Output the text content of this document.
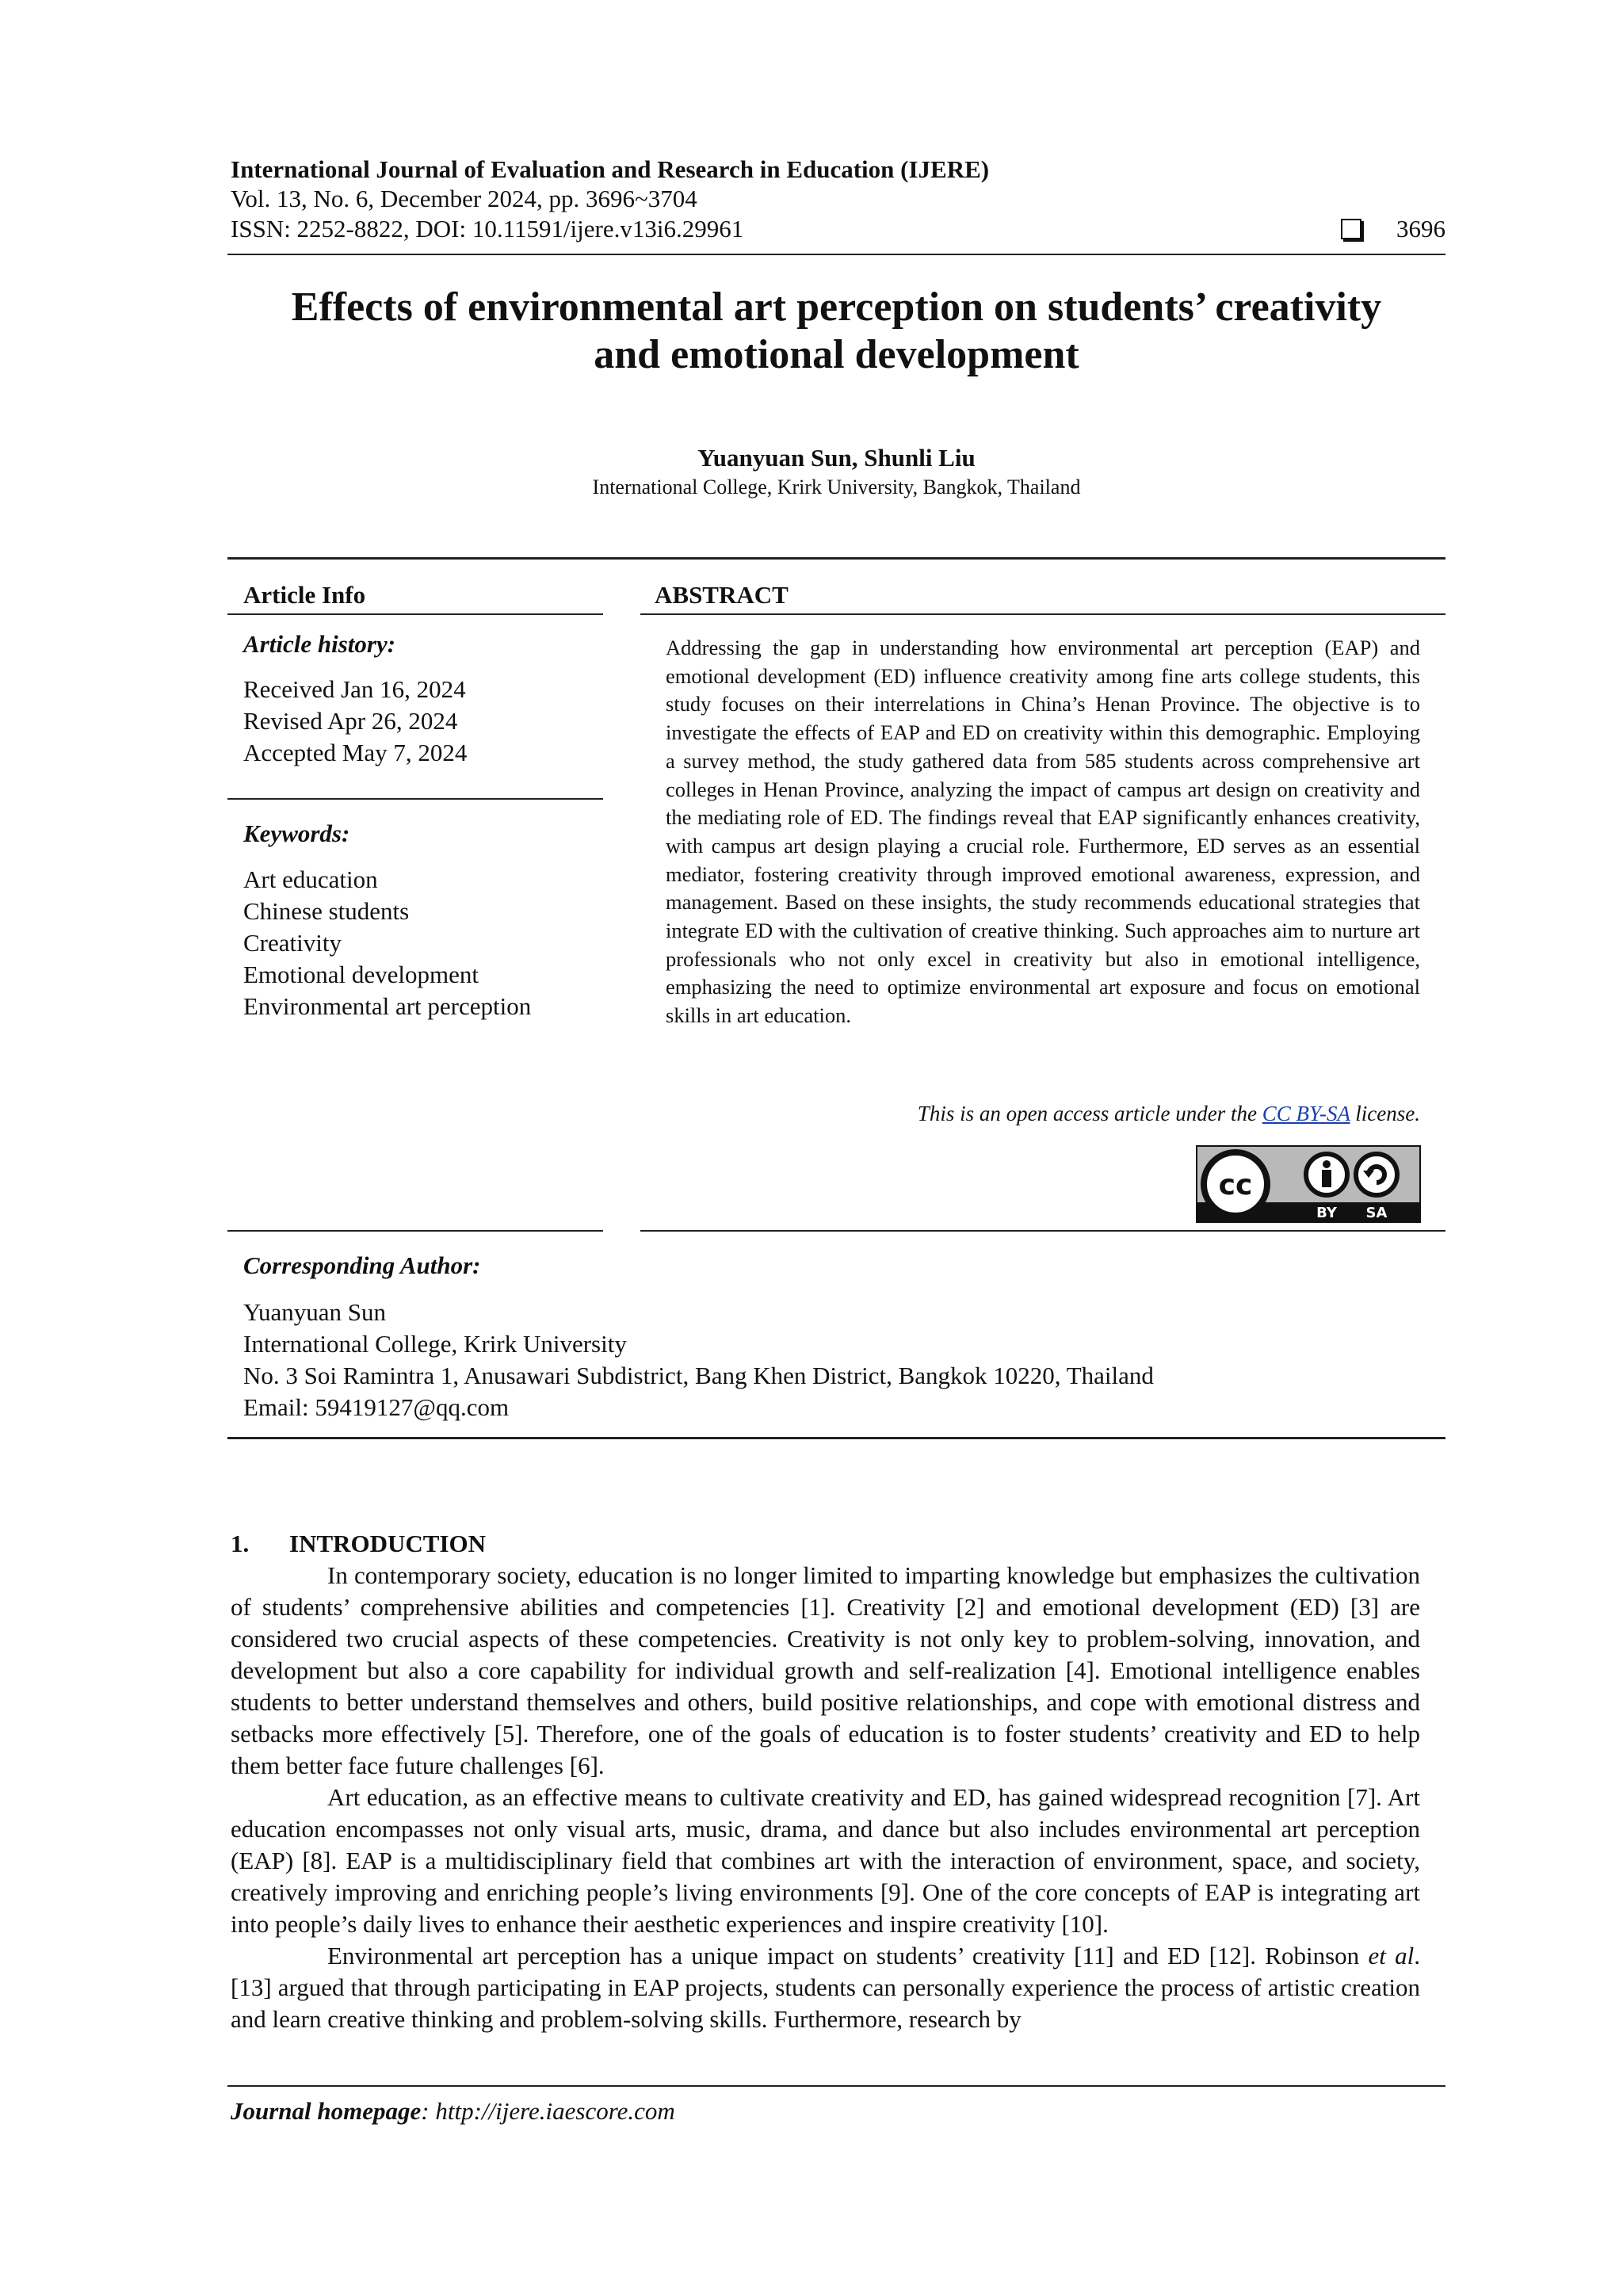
International Journal of Evaluation and Research in Education (IJERE)
Vol. 13, No. 6, December 2024, pp. 3696~3704
ISSN: 2252-8822, DOI: 10.11591/ijere.v13i6.29961	3696
Effects of environmental art perception on students’ creativity
and emotional development
Yuanyuan Sun, Shunli Liu
International College, Krirk University, Bangkok, Thailand
Article Info
Article history:
Received Jan 16, 2024
Revised Apr 26, 2024
Accepted May 7, 2024
Keywords:
Art education
Chinese students
Creativity
Emotional development
Environmental art perception
ABSTRACT
Addressing the gap in understanding how environmental art perception (EAP) and emotional development (ED) influence creativity among fine arts college students, this study focuses on their interrelations in China’s Henan Province. The objective is to investigate the effects of EAP and ED on creativity within this demographic. Employing a survey method, the study gathered data from 585 students across comprehensive art colleges in Henan Province, analyzing the impact of campus art design on creativity and the mediating role of ED. The findings reveal that EAP significantly enhances creativity, with campus art design playing a crucial role. Furthermore, ED serves as an essential mediator, fostering creativity through improved emotional awareness, expression, and management. Based on these insights, the study recommends educational strategies that integrate ED with the cultivation of creative thinking. Such approaches aim to nurture art professionals who not only excel in creativity but also in emotional intelligence, emphasizing the need to optimize environmental art exposure and focus on emotional skills in art education.
This is an open access article under the CC BY-SA license.
cc
BY SA
Corresponding Author:
Yuanyuan Sun
International College, Krirk University
No. 3 Soi Ramintra 1, Anusawari Subdistrict, Bang Khen District, Bangkok 10220, Thailand
Email: 59419127@qq.com
1. INTRODUCTION

In contemporary society, education is no longer limited to imparting knowledge but emphasizes the cultivation of students’ comprehensive abilities and competencies [1]. Creativity [2] and emotional development (ED) [3] are considered two crucial aspects of these competencies. Creativity is not only key to problem-solving, innovation, and development but also a core capability for individual growth and self-realization [4]. Emotional intelligence enables students to better understand themselves and others, build positive relationships, and cope with emotional distress and setbacks more effectively [5]. Therefore, one of the goals of education is to foster students’ creativity and ED to help them better face future challenges [6].

Art education, as an effective means to cultivate creativity and ED, has gained widespread recognition [7]. Art education encompasses not only visual arts, music, drama, and dance but also includes environmental art perception (EAP) [8]. EAP is a multidisciplinary field that combines art with the interaction of environment, space, and society, creatively improving and enriching people’s living environments [9]. One of the core concepts of EAP is integrating art into people’s daily lives to enhance their aesthetic experiences and inspire creativity [10].

Environmental art perception has a unique impact on students’ creativity [11] and ED [12]. Robinson et al. [13] argued that through participating in EAP projects, students can personally experience the process of artistic creation and learn creative thinking and problem-solving skills. Furthermore, research by

Journal homepage: http://ijere.iaescore.com
